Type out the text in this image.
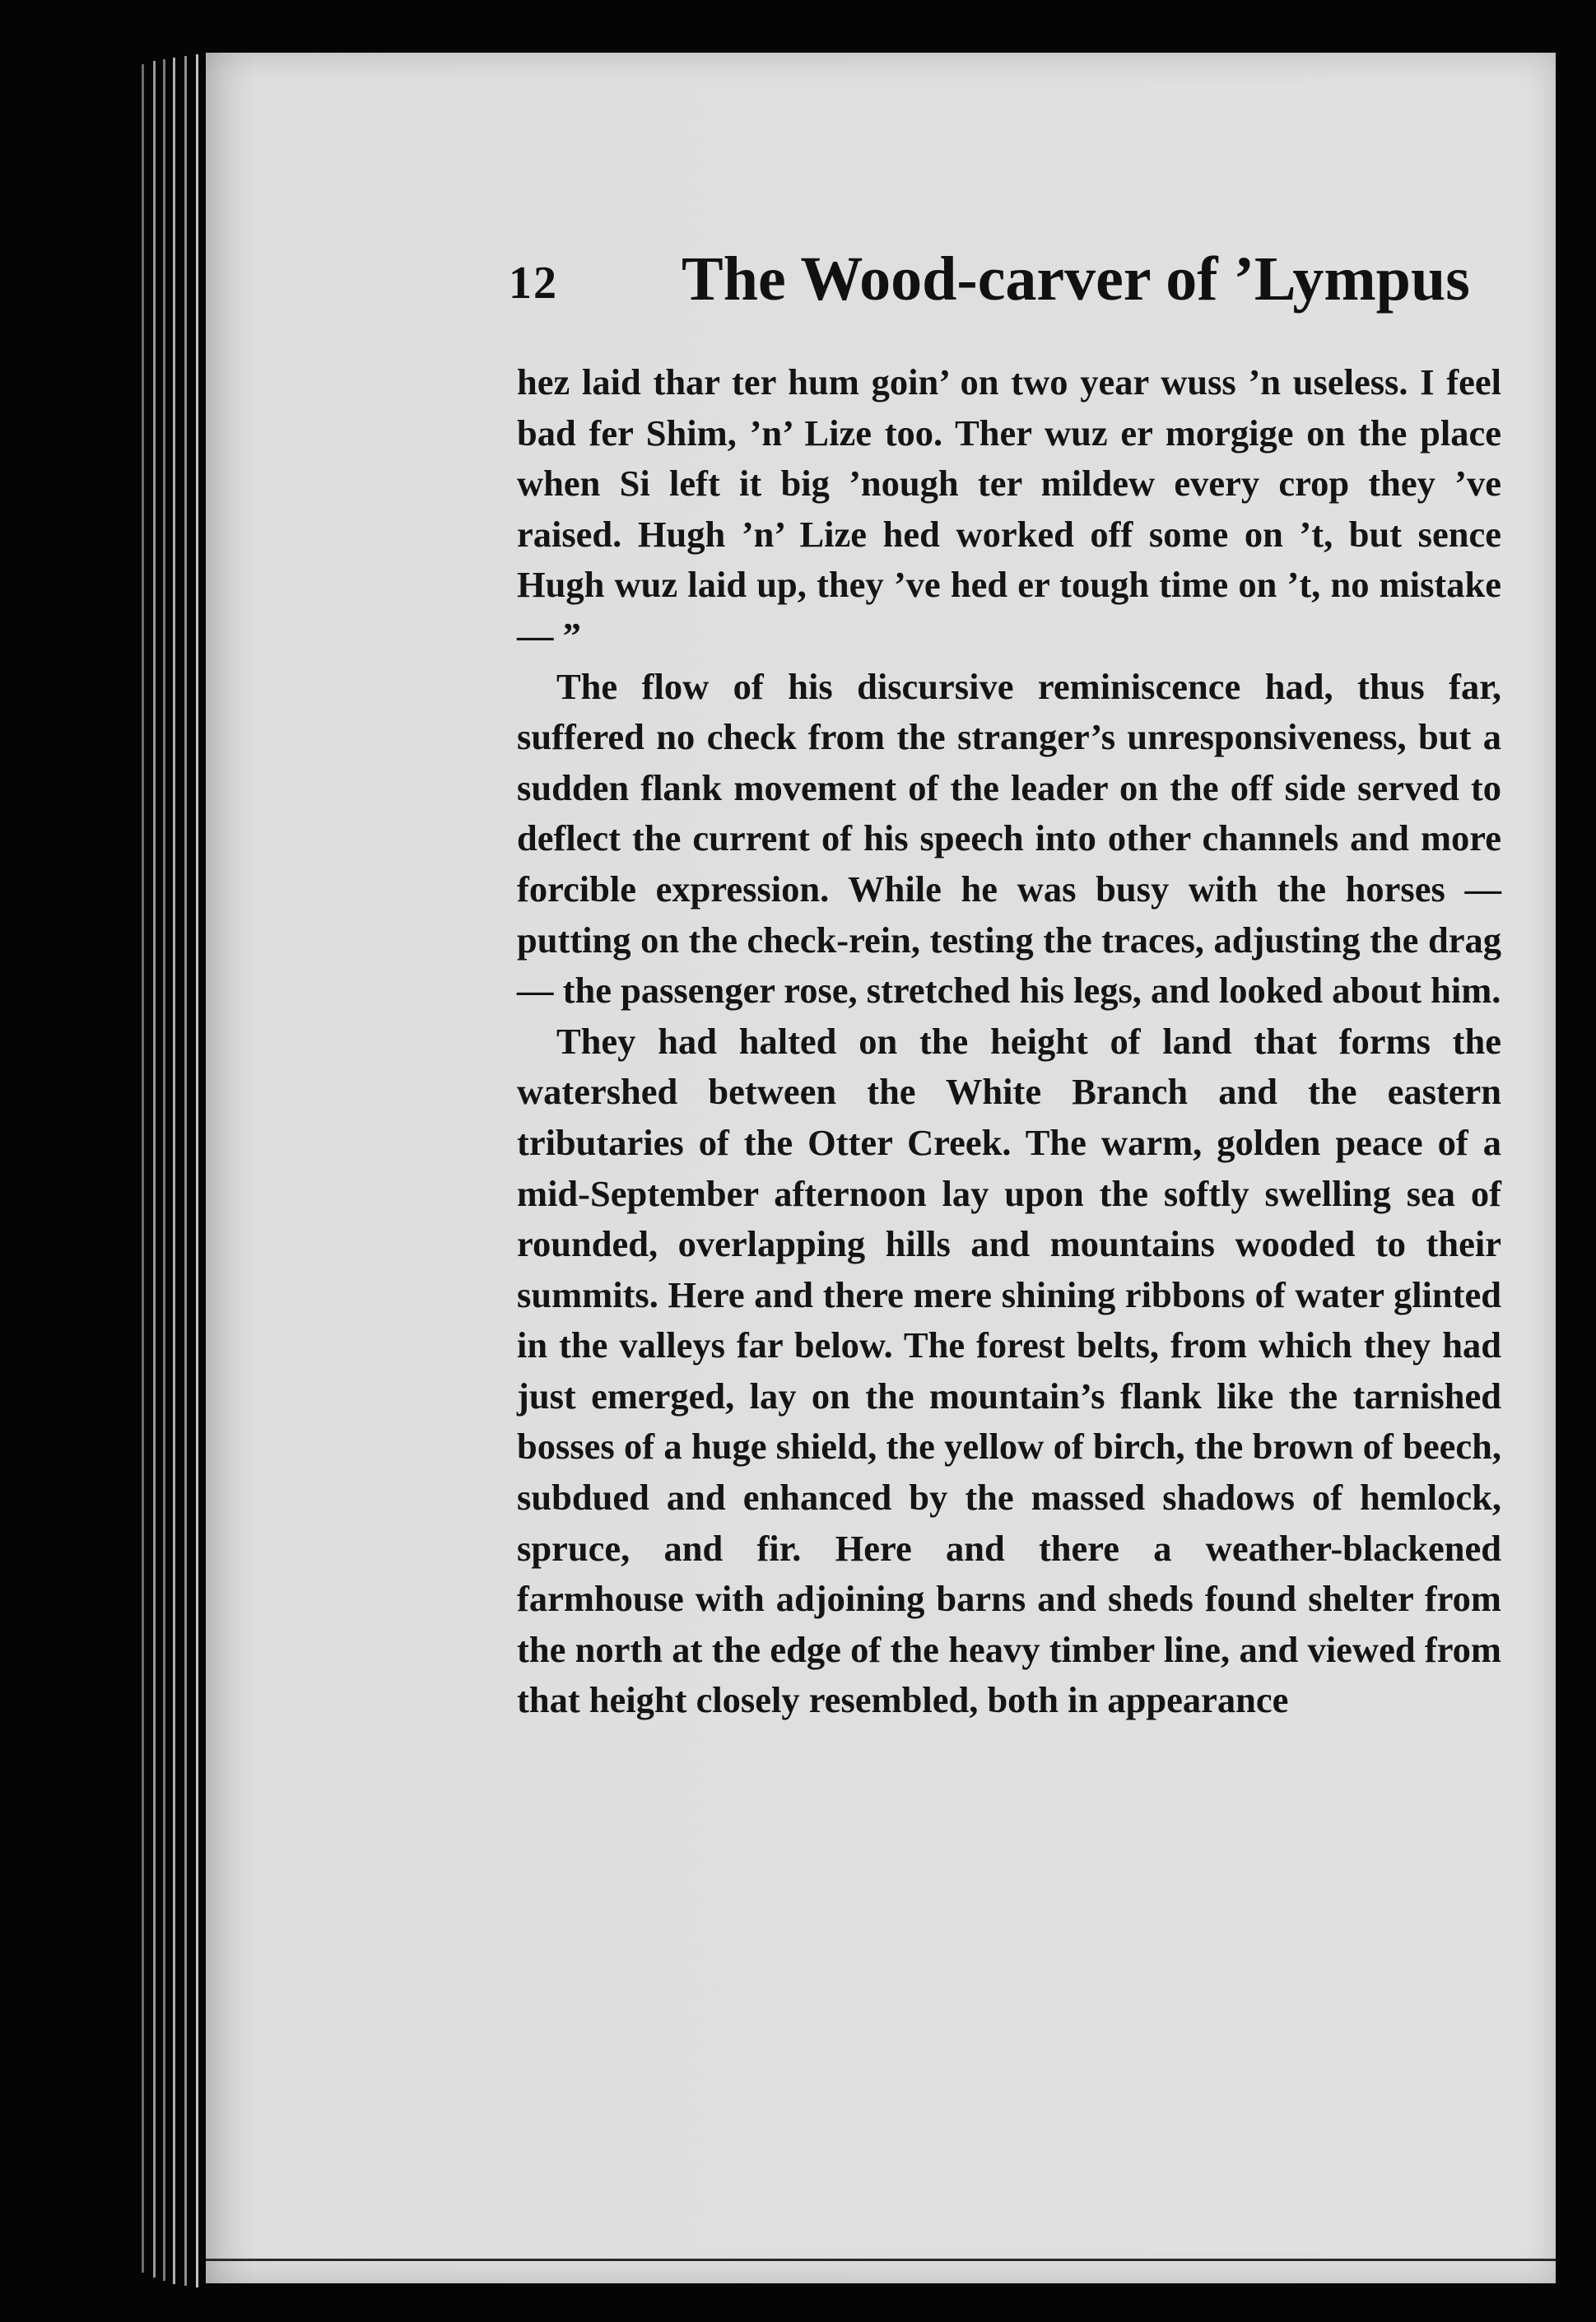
12 The Wood-carver of ’Lympus

hez laid thar ter hum goin’ on two year wuss ’n useless. I feel bad fer Shim, ’n’ Lize too. Ther wuz er morgige on the place when Si left it big ’nough ter mildew every crop they ’ve raised. Hugh ’n’ Lize hed worked off some on ’t, but sence Hugh wuz laid up, they ’ve hed er tough time on ’t, no mistake — ”

The flow of his discursive reminiscence had, thus far, suffered no check from the stranger’s unresponsiveness, but a sudden flank movement of the leader on the off side served to deflect the current of his speech into other channels and more forcible expression. While he was busy with the horses — putting on the check-rein, testing the traces, adjusting the drag — the passenger rose, stretched his legs, and looked about him.

They had halted on the height of land that forms the watershed between the White Branch and the eastern tributaries of the Otter Creek. The warm, golden peace of a mid-September afternoon lay upon the softly swelling sea of rounded, overlapping hills and mountains wooded to their summits. Here and there mere shining ribbons of water glinted in the valleys far below. The forest belts, from which they had just emerged, lay on the mountain’s flank like the tarnished bosses of a huge shield, the yellow of birch, the brown of beech, subdued and enhanced by the massed shadows of hemlock, spruce, and fir. Here and there a weather-blackened farmhouse with adjoining barns and sheds found shelter from the north at the edge of the heavy timber line, and viewed from that height closely resembled, both in appearance
